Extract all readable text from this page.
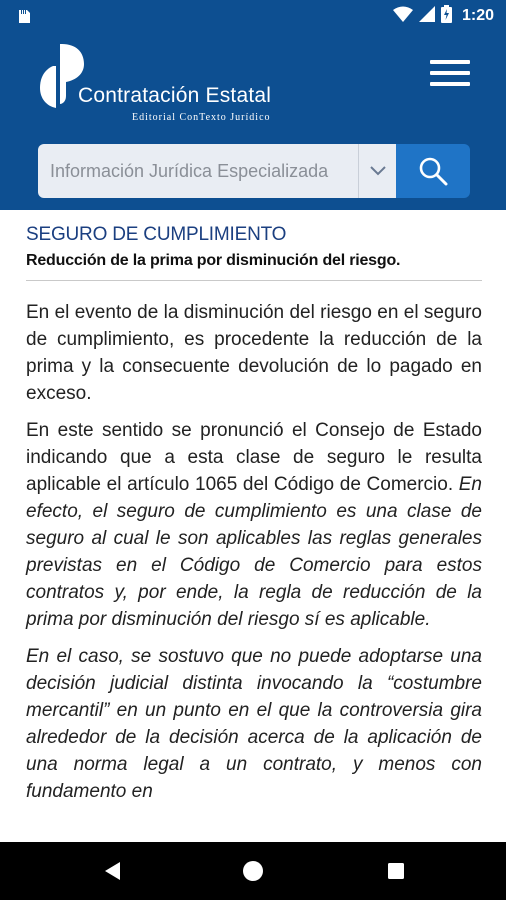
1:20
Contratación Estatal
Editorial ConTexto Jurídico
Información Jurídica Especializada
SEGURO DE CUMPLIMIENTO
Reducción de la prima por disminución del riesgo.

En el evento de la disminución del riesgo en el seguro de cumplimiento, es procedente la reducción de la prima y la consecuente devolución de lo pagado en exceso.

En este sentido se pronunció el Consejo de Estado indicando que a esta clase de seguro le resulta aplicable el artículo 1065 del Código de Comercio. En efecto, el seguro de cumplimiento es una clase de seguro al cual le son aplicables las reglas generales previstas en el Código de Comercio para estos contratos y, por ende, la regla de reducción de la prima por disminución del riesgo sí es aplicable.

En el caso, se sostuvo que no puede adoptarse una decisión judicial distinta invocando la “costumbre mercantil” en un punto en el que la controversia gira alrededor de la decisión acerca de la aplicación de una norma legal a un contrato, y menos con fundamento en
